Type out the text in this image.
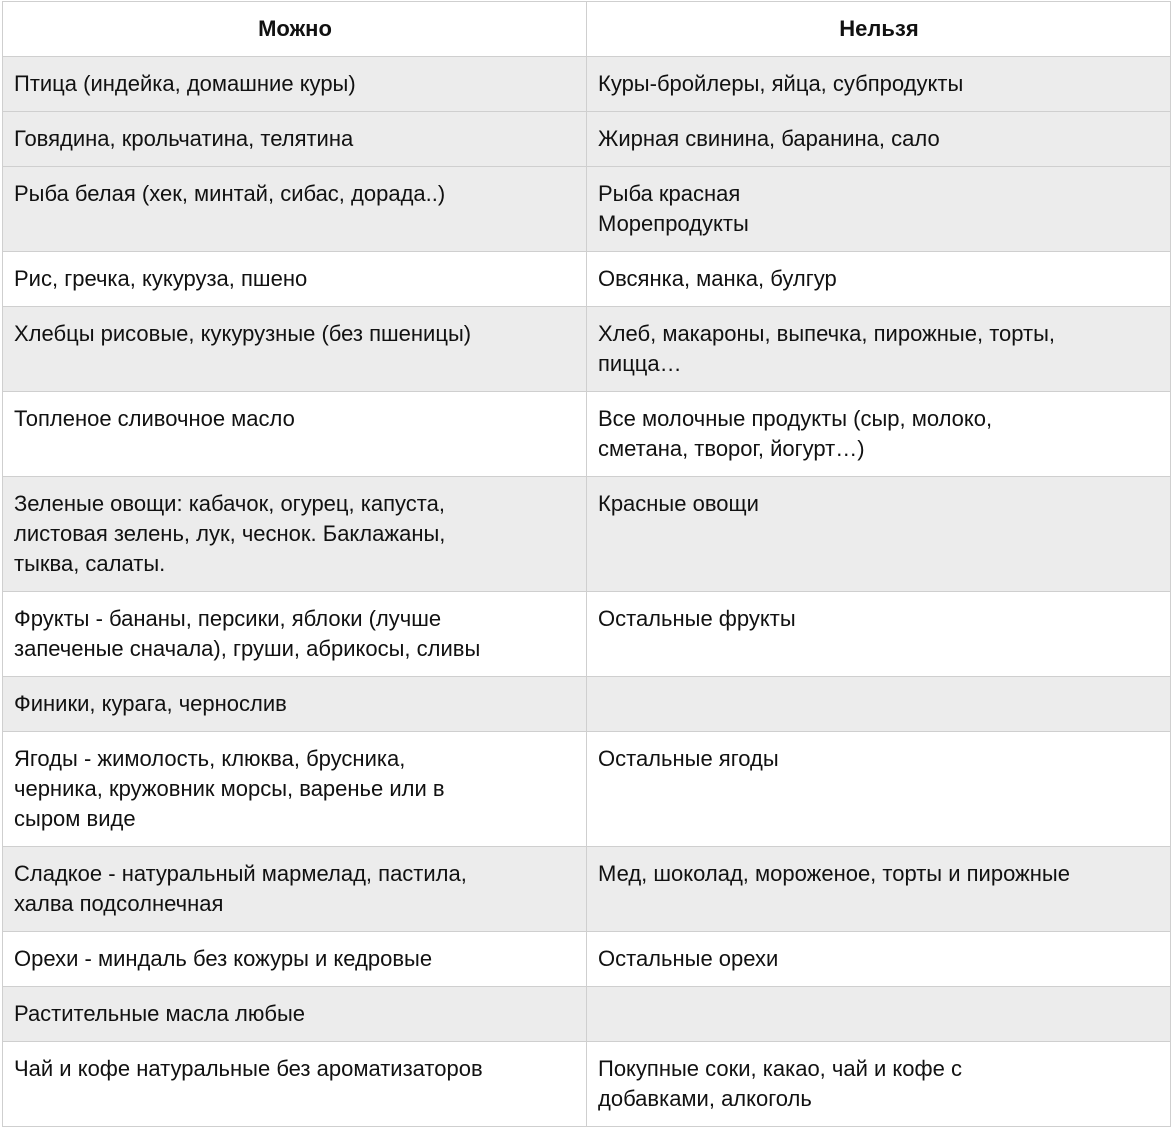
Можно	Нельзя

Птица (индейка, домашние куры)	Куры-бройлеры, яйца, субпродукты

Говядина, крольчатина, телятина	Жирная свинина, баранина, сало

Рыба белая (хек, минтай, сибас, дорада..)	Рыба красная
Морепродукты

Рис, гречка, кукуруза, пшено	Овсянка, манка, булгур

Хлебцы рисовые, кукурузные (без пшеницы)	Хлеб, макароны, выпечка, пирожные, торты,
пицца…

Топленое сливочное масло	Все молочные продукты (сыр, молоко,
сметана, творог, йогурт…)

Зеленые овощи: кабачок, огурец, капуста,
листовая зелень, лук, чеснок. Баклажаны,
тыква, салаты.	Красные овощи

Фрукты - бананы, персики, яблоки (лучше
запеченые сначала), груши, абрикосы, сливы	Остальные фрукты

Финики, курага, чернослив	

Ягоды - жимолость, клюква, брусника,
черника, кружовник морсы, варенье или в
сыром виде	Остальные ягоды

Сладкое - натуральный мармелад, пастила,
халва подсолнечная	Мед, шоколад, мороженое, торты и пирожные

Орехи - миндаль без кожуры и кедровые	Остальные орехи

Растительные масла любые	

Чай и кофе натуральные без ароматизаторов	Покупные соки, какао, чай и кофе с
добавками, алкоголь
